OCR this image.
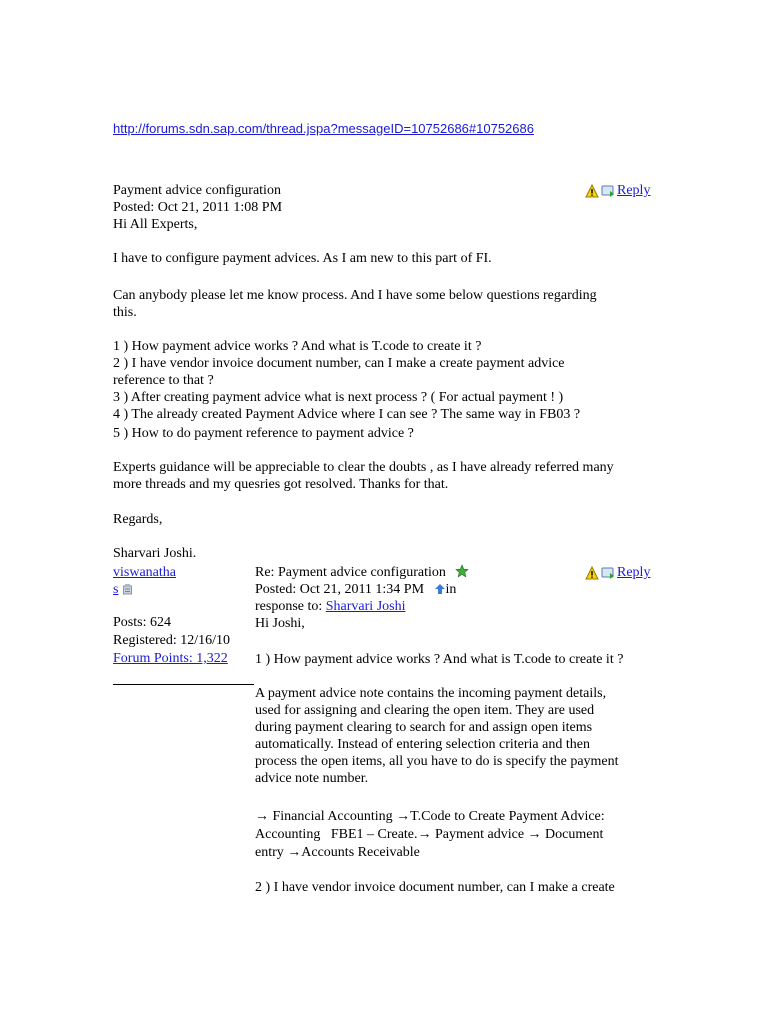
http://forums.sdn.sap.com/thread.jspa?messageID=10752686#10752686
Payment advice configuration	Reply
Posted: Oct 21, 2011 1:08 PM
Hi All Experts,
I have to configure payment advices. As I am new to this part of FI.
Can anybody please let me know process. And I have some below questions regarding
this.
1 ) How payment advice works ? And what is T.code to create it ?
2 ) I have vendor invoice document number, can I make a create payment advice
reference to that ?
3 ) After creating payment advice what is next process ? ( For actual payment ! )
4 ) The already created Payment Advice where I can see ? The same way in FB03 ?
5 ) How to do payment reference to payment advice ?
Experts guidance will be appreciable to clear the doubts , as I have already referred many
more threads and my quesries got resolved. Thanks for that.
Regards,
Sharvari Joshi.
viswanatha
s
Posts: 624
Registered: 12/16/10
Forum Points: 1,322
Re: Payment advice configuration	Reply
Posted: Oct 21, 2011 1:34 PM in
response to: Sharvari Joshi
Hi Joshi,
1 ) How payment advice works ? And what is T.code to create it ?
A payment advice note contains the incoming payment details,
used for assigning and clearing the open item. They are used
during payment clearing to search for and assign open items
automatically. Instead of entering selection criteria and then
process the open items, all you have to do is specify the payment
advice note number.
→ Financial Accounting →T.Code to Create Payment Advice:
Accounting   FBE1 – Create.→ Payment advice → Document
entry →Accounts Receivable
2 ) I have vendor invoice document number, can I make a create
